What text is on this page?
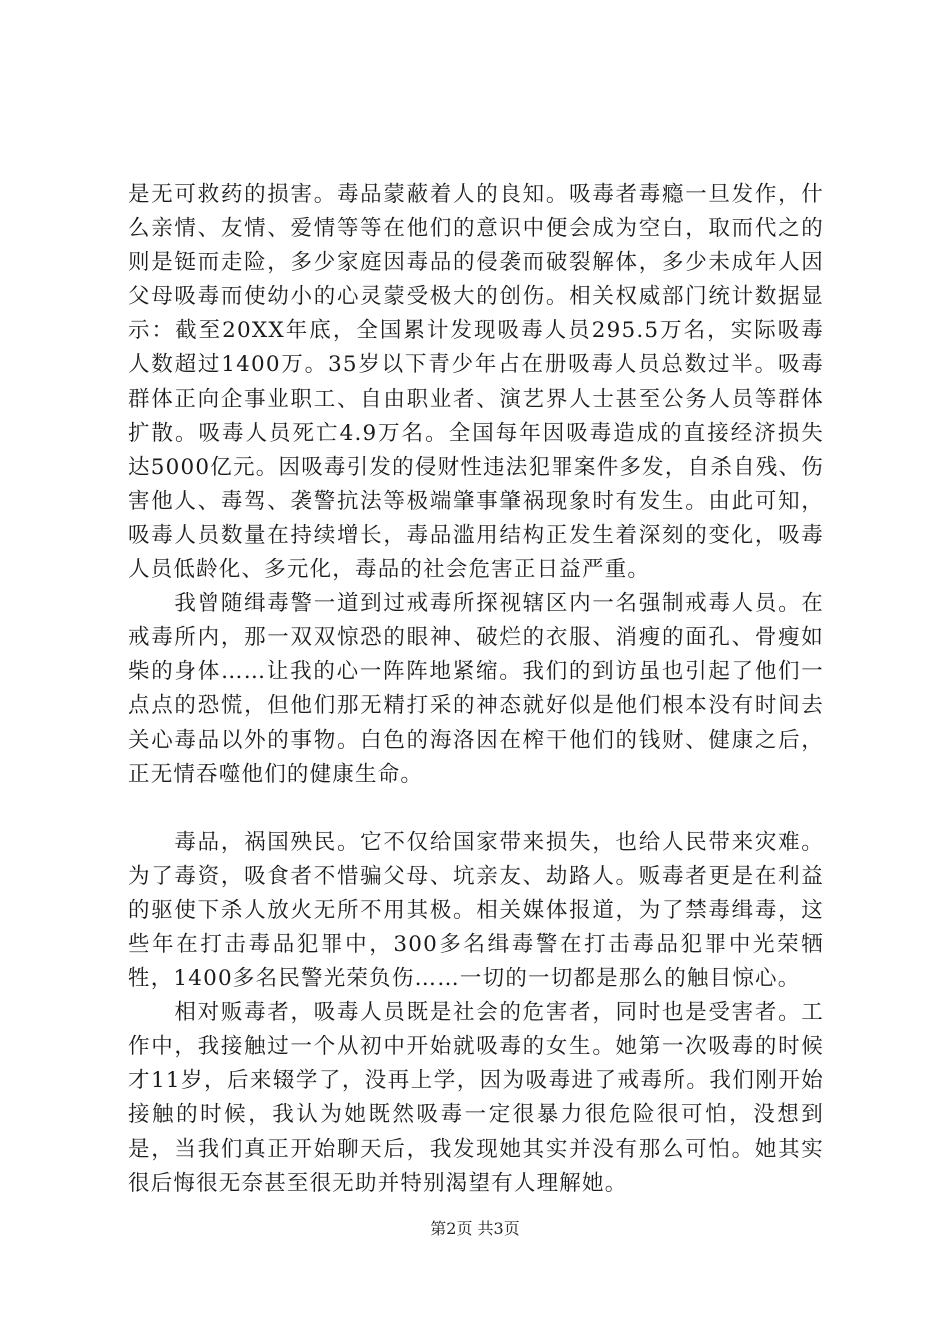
是无可救药的损害。毒品蒙蔽着人的良知。吸毒者毒瘾一旦发作，什么亲情、友情、爱情等等在他们的意识中便会成为空白，取而代之的则是铤而走险，多少家庭因毒品的侵袭而破裂解体，多少未成年人因父母吸毒而使幼小的心灵蒙受极大的创伤。相关权威部门统计数据显示：截至20XX年底，全国累计发现吸毒人员295.5万名，实际吸毒人数超过1400万。35岁以下青少年占在册吸毒人员总数过半。吸毒群体正向企事业职工、自由职业者、演艺界人士甚至公务人员等群体扩散。吸毒人员死亡4.9万名。全国每年因吸毒造成的直接经济损失达5000亿元。因吸毒引发的侵财性违法犯罪案件多发，自杀自残、伤害他人、毒驾、袭警抗法等极端肇事肇祸现象时有发生。由此可知，吸毒人员数量在持续增长，毒品滥用结构正发生着深刻的变化，吸毒人员低龄化、多元化，毒品的社会危害正日益严重。

　　我曾随缉毒警一道到过戒毒所探视辖区内一名强制戒毒人员。在戒毒所内，那一双双惊恐的眼神、破烂的衣服、消瘦的面孔、骨瘦如柴的身体……让我的心一阵阵地紧缩。我们的到访虽也引起了他们一点点的恐慌，但他们那无精打采的神态就好似是他们根本没有时间去关心毒品以外的事物。白色的海洛因在榨干他们的钱财、健康之后，正无情吞噬他们的健康生命。

　　毒品，祸国殃民。它不仅给国家带来损失，也给人民带来灾难。为了毒资，吸食者不惜骗父母、坑亲友、劫路人。贩毒者更是在利益的驱使下杀人放火无所不用其极。相关媒体报道，为了禁毒缉毒，这些年在打击毒品犯罪中，300多名缉毒警在打击毒品犯罪中光荣牺牲，1400多名民警光荣负伤……一切的一切都是那么的触目惊心。

　　相对贩毒者，吸毒人员既是社会的危害者，同时也是受害者。工作中，我接触过一个从初中开始就吸毒的女生。她第一次吸毒的时候才11岁，后来辍学了，没再上学，因为吸毒进了戒毒所。我们刚开始接触的时候，我认为她既然吸毒一定很暴力很危险很可怕，没想到是，当我们真正开始聊天后，我发现她其实并没有那么可怕。她其实很后悔很无奈甚至很无助并特别渴望有人理解她。

第2页 共3页
